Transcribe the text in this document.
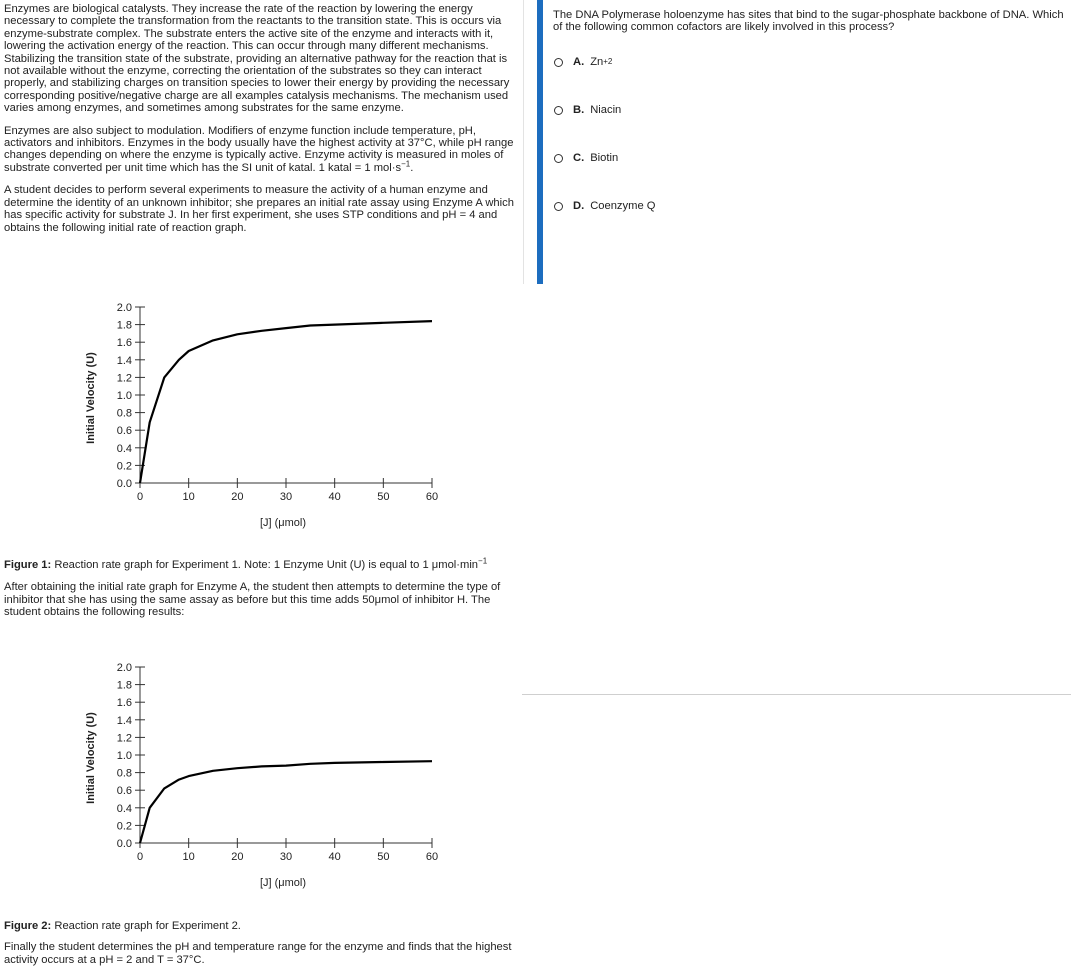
Enzymes are biological catalysts. They increase the rate of the reaction by lowering the energy necessary to complete the transformation from the reactants to the transition state. This is occurs via enzyme-substrate complex. The substrate enters the active site of the enzyme and interacts with it, lowering the activation energy of the reaction. This can occur through many different mechanisms. Stabilizing the transition state of the substrate, providing an alternative pathway for the reaction that is not available without the enzyme, correcting the orientation of the substrates so they can interact properly, and stabilizing charges on transition species to lower their energy by providing the necessary corresponding positive/negative charge are all examples catalysis mechanisms. The mechanism used varies among enzymes, and sometimes among substrates for the same enzyme.

Enzymes are also subject to modulation. Modifiers of enzyme function include temperature, pH, activators and inhibitors. Enzymes in the body usually have the highest activity at 37°C, while pH range changes depending on where the enzyme is typically active. Enzyme activity is measured in moles of substrate converted per unit time which has the SI unit of katal. 1 katal = 1 $mol\cdot s^{-1}$.

A student decides to perform several experiments to measure the activity of a human enzyme and determine the identity of an unknown inhibitor; she prepares an initial rate assay using Enzyme A which has specific activity for substrate J. In her first experiment, she uses STP conditions and pH = 4 and obtains the following initial rate of reaction graph.

0	10	20	30	40	50	60
0.0
0.2
0.4
0.6
0.8
1.0
1.2
1.4
1.6
1.8
2.0
[J] (μmol)
Initial Velocity (U)

Figure 1: Reaction rate graph for Experiment 1. Note: 1 Enzyme Unit (U) is equal to 1 $\mu mol\cdot\min^{-1}$

After obtaining the initial rate graph for Enzyme A, the student then attempts to determine the type of inhibitor that she has using the same assay as before but this time adds 50μmol of inhibitor H. The student obtains the following results:

0	10	20	30	40	50	60
0.0
0.2
0.4
0.6
0.8
1.0
1.2
1.4
1.6
1.8
2.0
[J] (μmol)
Initial Velocity (U)

Figure 2: Reaction rate graph for Experiment 2.

Finally the student determines the pH and temperature range for the enzyme and finds that the highest activity occurs at a pH = 2 and T = 37°C.

The DNA Polymerase holoenzyme has sites that bind to the sugar-phosphate backbone of DNA. Which of the following common cofactors are likely involved in this process?
A. Zn +2
B. Niacin
C. Biotin
D. Coenzyme Q
